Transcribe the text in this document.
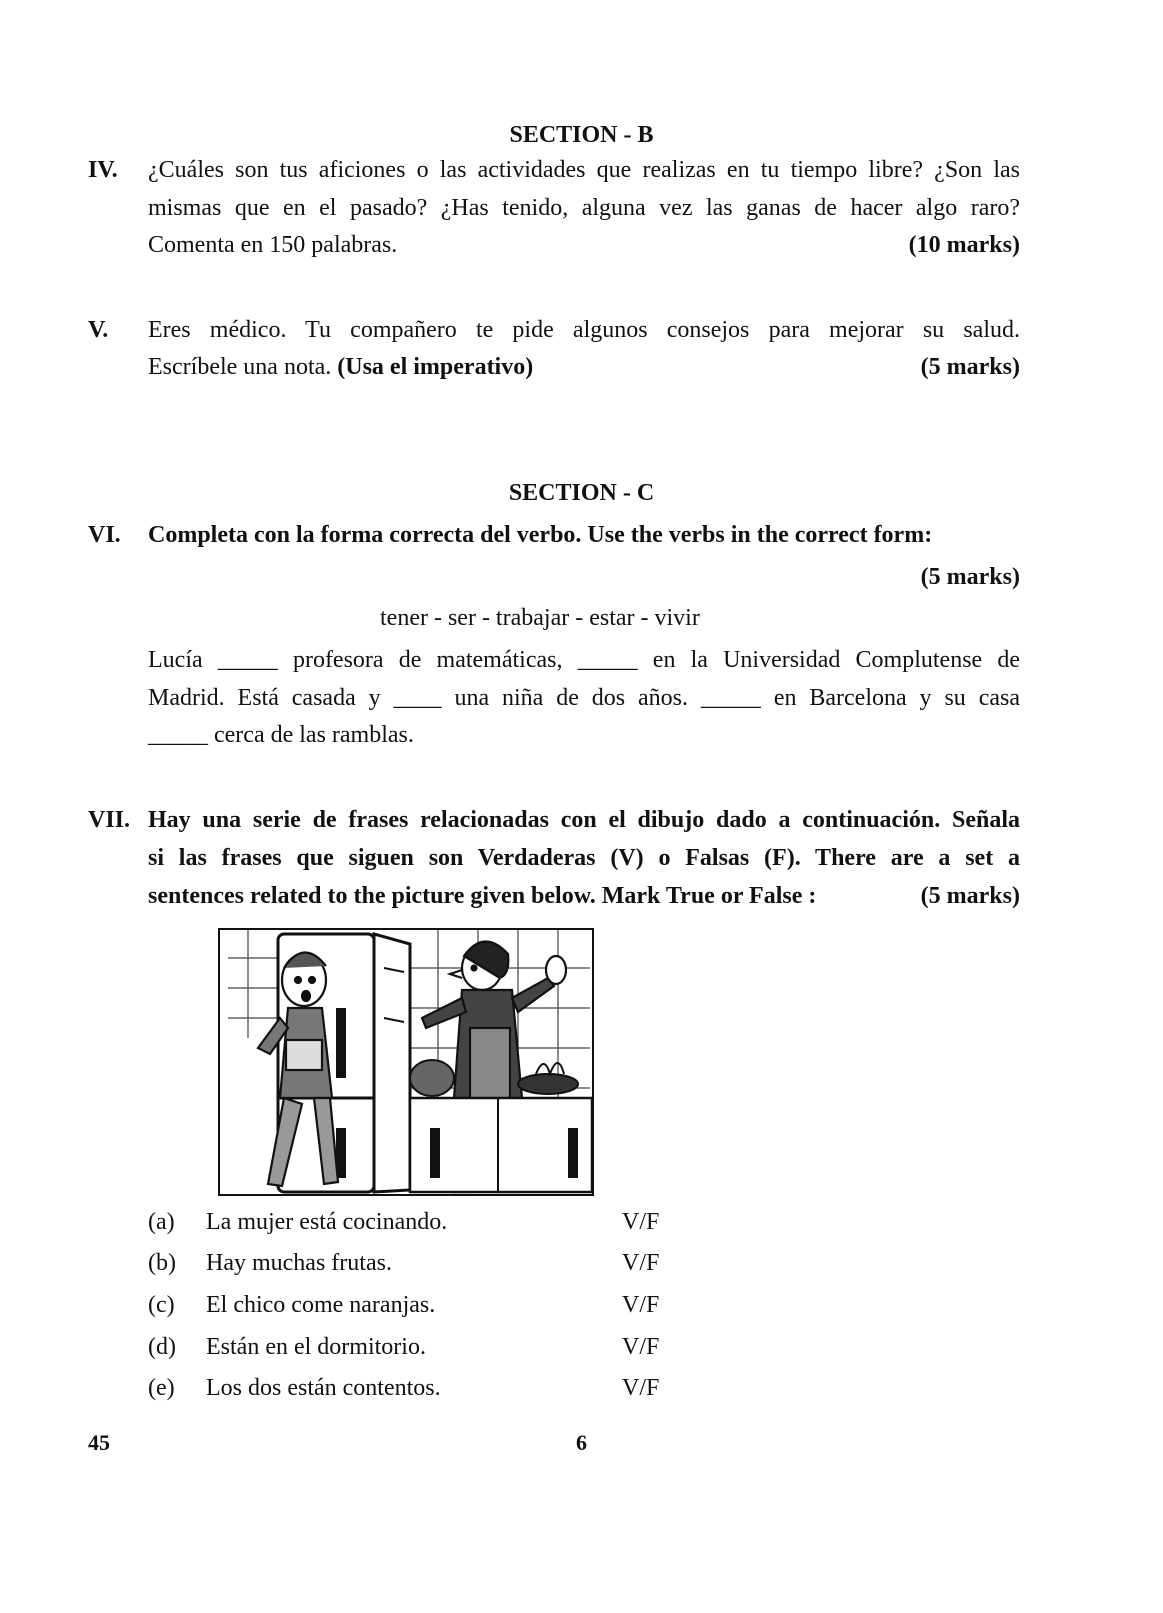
SECTION - B
IV. ¿Cuáles son tus aficiones o las actividades que realizas en tu tiempo libre? ¿Son las
mismas que en el pasado? ¿Has tenido, alguna vez las ganas de hacer algo raro?
Comenta en 150 palabras.	(10 marks)
V. Eres médico. Tu compañero te pide algunos consejos para mejorar su salud.
Escríbele una nota. (Usa el imperativo)	(5 marks)
SECTION - C
VI. Completa con la forma correcta del verbo. Use the verbs in the correct form:
(5 marks)
tener - ser - trabajar - estar - vivir
Lucía _____ profesora de matemáticas, _____ en la Universidad Complutense de
Madrid. Está casada y ____ una niña de dos años. _____ en Barcelona y su casa
_____ cerca de las ramblas.
VII. Hay una serie de frases relacionadas con el dibujo dado a continuación. Señala
si las frases que siguen son Verdaderas (V) o Falsas (F). There are a set a
sentences related to the picture given below. Mark True or False :	(5 marks)
(a) La mujer está cocinando.	V/F
(b) Hay muchas frutas.	V/F
(c) El chico come naranjas.	V/F
(d) Están en el dormitorio.	V/F
(e) Los dos están contentos.	V/F
45	6
